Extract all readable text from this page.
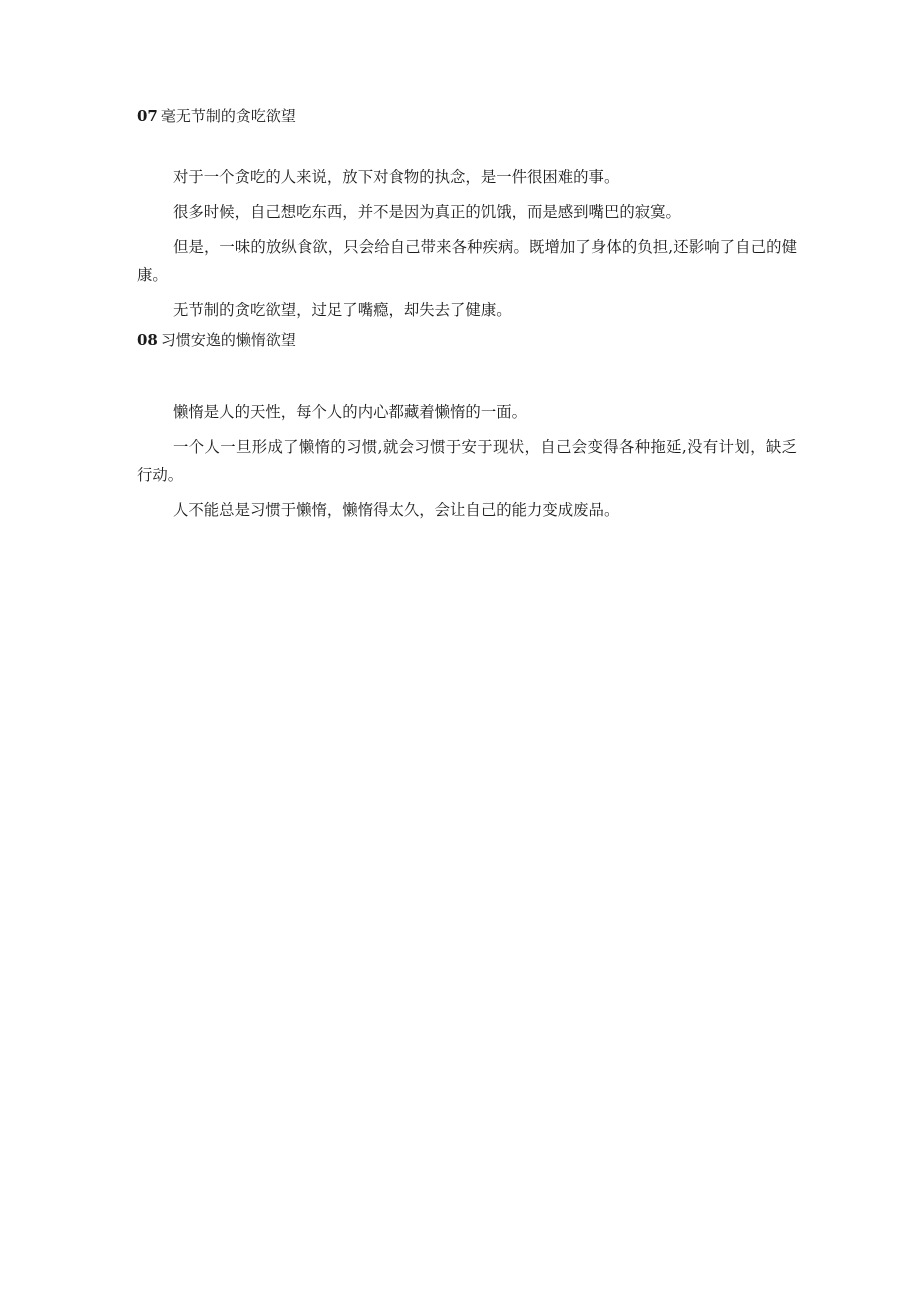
07 毫无节制的贪吃欲望

对于一个贪吃的人来说，放下对食物的执念，是一件很困难的事。

很多时候，自己想吃东西，并不是因为真正的饥饿，而是感到嘴巴的寂寞。

但是，一味的放纵食欲，只会给自己带来各种疾病。既增加了身体的负担,还影响了自己的健康。

无节制的贪吃欲望，过足了嘴瘾，却失去了健康。

08 习惯安逸的懒惰欲望

懒惰是人的天性，每个人的内心都藏着懒惰的一面。

一个人一旦形成了懒惰的习惯,就会习惯于安于现状，自己会变得各种拖延,没有计划，缺乏行动。

人不能总是习惯于懒惰，懒惰得太久，会让自己的能力变成废品。
